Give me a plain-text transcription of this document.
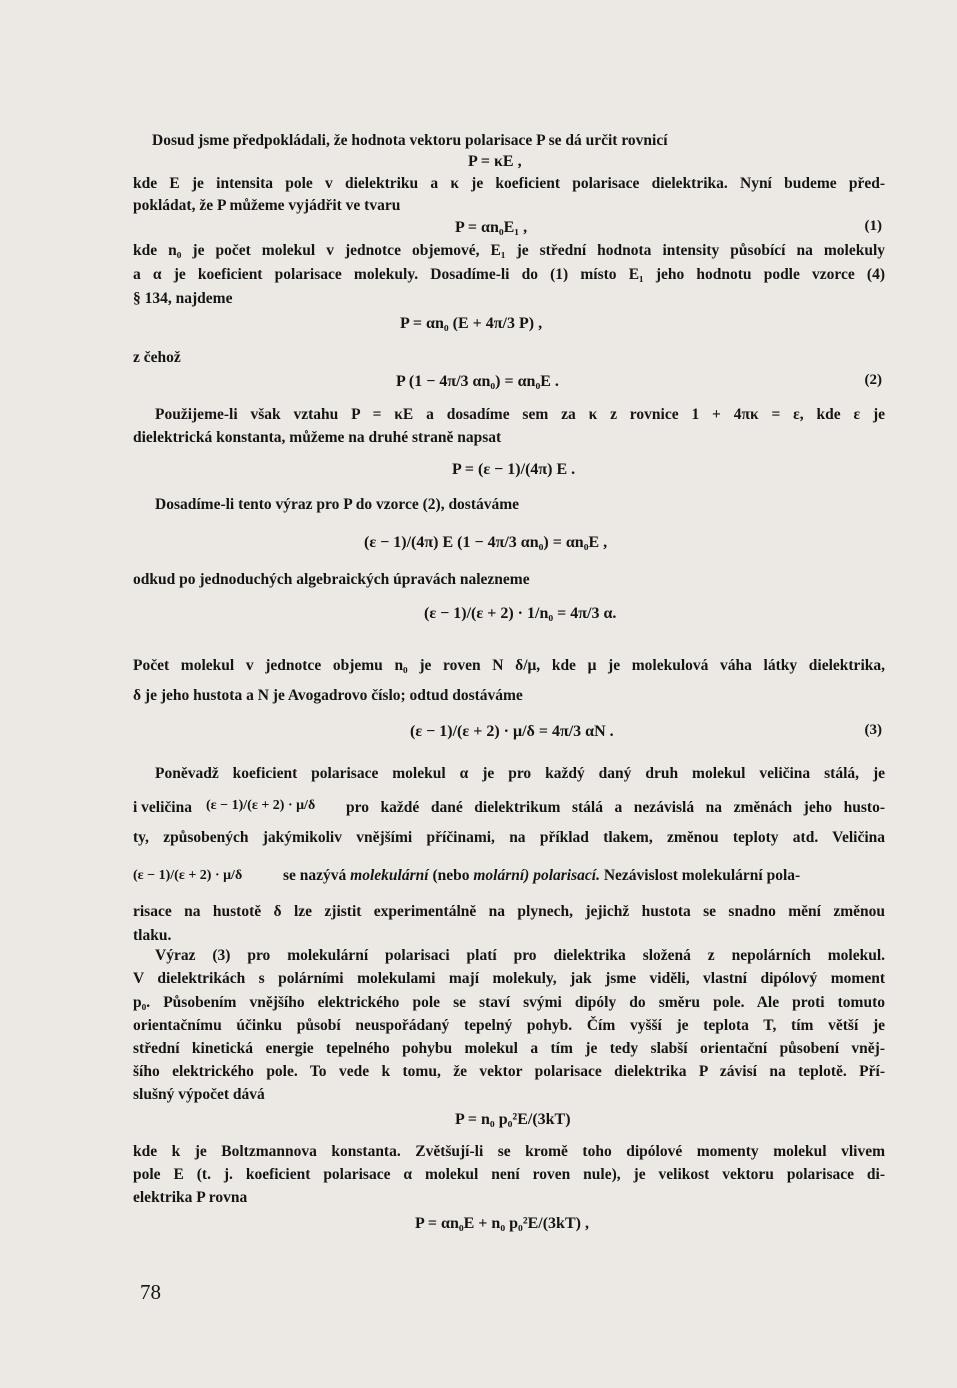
Dosud jsme předpokládali, že hodnota vektoru polarisace P se dá určit rovnicí

P = κE ,

kde E je intensita pole v dielektriku a κ je koeficient polarisace dielektrika. Nyní budeme před-

pokládat, že P můžeme vyjádřit ve tvaru

P = αn₀E₁ ,	(1)

kde n₀ je počet molekul v jednotce objemové, E₁ je střední hodnota intensity působící na molekuly

a α je koeficient polarisace molekuly. Dosadíme-li do (1) místo E₁ jeho hodnotu podle vzorce (4)

§ 134, najdeme

P = αn₀ (E + 4π/3 P) ,

z čehož

P (1 − 4π/3 αn₀) = αn₀E .	(2)

Použijeme-li však vztahu P = κE a dosadíme sem za κ z rovnice 1 + 4πκ = ε, kde ε je

dielektrická konstanta, můžeme na druhé straně napsat

P = (ε − 1)/(4π) E .

Dosadíme-li tento výraz pro P do vzorce (2), dostáváme

(ε − 1)/(4π) E (1 − 4π/3 αn₀) = αn₀E ,

odkud po jednoduchých algebraických úpravách nalezneme

(ε − 1)/(ε + 2) · 1/n₀ = 4π/3 α.

Počet molekul v jednotce objemu n₀ je roven N δ/μ, kde μ je molekulová váha látky dielektrika,

δ je jeho hustota a N je Avogadrovo číslo; odtud dostáváme

(ε − 1)/(ε + 2) · μ/δ = 4π/3 αN .	(3)

Poněvadž koeficient polarisace molekul α je pro každý daný druh molekul veličina stálá, je

i veličina (ε − 1)/(ε + 2) · μ/δ pro každé dané dielektrikum stálá a nezávislá na změnách jeho husto-

ty, způsobených jakýmikoliv vnějšími příčinami, na příklad tlakem, změnou teploty atd. Veličina

(ε − 1)/(ε + 2) · μ/δ	se nazývá molekulární (nebo molární) polarisací. Nezávislost molekulární pola-

risace na hustotě δ lze zjistit experimentálně na plynech, jejichž hustota se snadno mění změnou

tlaku.

Výraz (3) pro molekulární polarisaci platí pro dielektrika složená z nepolárních molekul.

V dielektrikách s polárními molekulami mají molekuly, jak jsme viděli, vlastní dipólový moment

p₀. Působením vnějšího elektrického pole se staví svými dipóly do směru pole. Ale proti tomuto

orientačnímu účinku působí neuspořádaný tepelný pohyb. Čím vyšší je teplota T, tím větší je

střední kinetická energie tepelného pohybu molekul a tím je tedy slabší orientační působení vněj-

šího elektrického pole. To vede k tomu, že vektor polarisace dielektrika P závisí na teplotě. Pří-

slušný výpočet dává

P = n₀ p₀²E/(3kT)

kde k je Boltzmannova konstanta. Zvětšují-li se kromě toho dipólové momenty molekul vlivem

pole E (t. j. koeficient polarisace α molekul není roven nule), je velikost vektoru polarisace di-

elektrika P rovna

P = αn₀E + n₀ p₀²E/(3kT) ,

78
